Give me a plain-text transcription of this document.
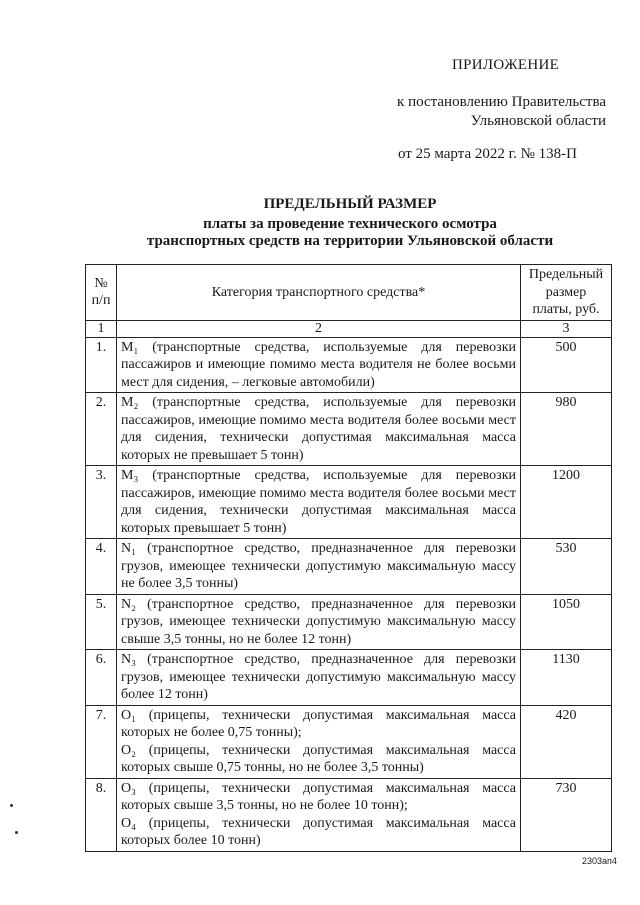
ПРИЛОЖЕНИЕ
к постановлению Правительства
Ульяновской области
от 25 марта 2022 г. № 138-П
ПРЕДЕЛЬНЫЙ РАЗМЕР
платы за проведение технического осмотра
транспортных средств на территории Ульяновской области
№ п/п	Категория транспортного средства*	Предельный размер платы, руб.
1	2	3
1.	M₁ (транспортные средства, используемые для перевозки пассажиров и имеющие помимо места водителя не более восьми мест для сидения, – легковые автомобили)	500
2.	M₂ (транспортные средства, используемые для перевозки пассажиров, имеющие помимо места водителя более восьми мест для сидения, технически допустимая максимальная масса которых не превышает 5 тонн)	980
3.	M₃ (транспортные средства, используемые для перевозки пассажиров, имеющие помимо места водителя более восьми мест для сидения, технически допустимая максимальная масса которых превышает 5 тонн)	1200
4.	N₁ (транспортное средство, предназначенное для перевозки грузов, имеющее технически допустимую максимальную массу не более 3,5 тонны)	530
5.	N₂ (транспортное средство, предназначенное для перевозки грузов, имеющее технически допустимую максимальную массу свыше 3,5 тонны, но не более 12 тонн)	1050
6.	N₃ (транспортное средство, предназначенное для перевозки грузов, имеющее технически допустимую максимальную массу более 12 тонн)	1130
7.	O₁ (прицепы, технически допустимая максимальная масса которых не более 0,75 тонны);
O₂ (прицепы, технически допустимая максимальная масса которых свыше 0,75 тонны, но не более 3,5 тонны)	420
8.	O₃ (прицепы, технически допустимая максимальная масса которых свыше 3,5 тонны, но не более 10 тонн);
O₄ (прицепы, технически допустимая максимальная масса которых более 10 тонн)	730
2303ап4
